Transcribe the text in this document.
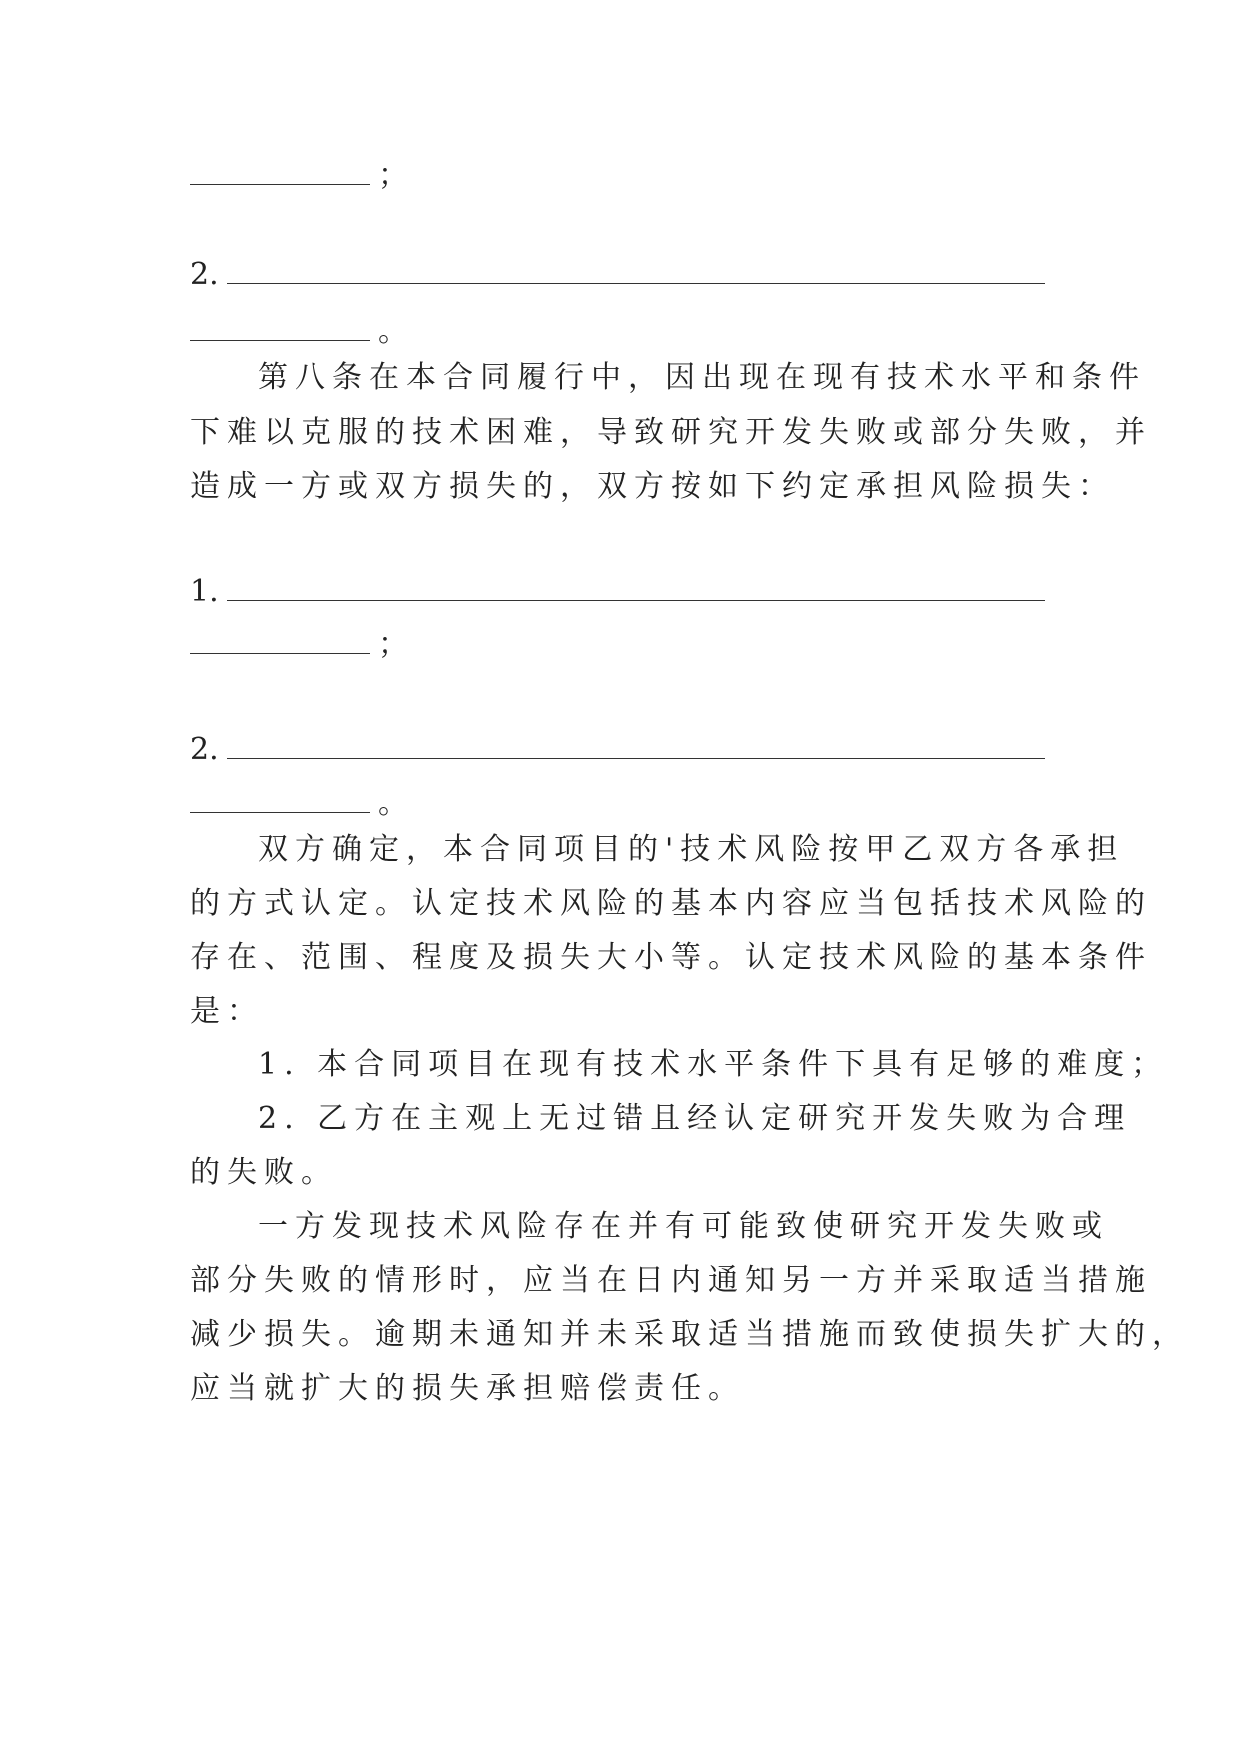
；
2.
。
第八条在本合同履行中，因出现在现有技术水平和条件
下难以克服的技术困难，导致研究开发失败或部分失败，并
造成一方或双方损失的，双方按如下约定承担风险损失：
1.
；
2.
。
双方确定，本合同项目的'技术风险按甲乙双方各承担
的方式认定。认定技术风险的基本内容应当包括技术风险的
存在、范围、程度及损失大小等。认定技术风险的基本条件
是：
1. 本合同项目在现有技术水平条件下具有足够的难度；
2. 乙方在主观上无过错且经认定研究开发失败为合理
的失败。
一方发现技术风险存在并有可能致使研究开发失败或
部分失败的情形时，应当在日内通知另一方并采取适当措施
减少损失。逾期未通知并未采取适当措施而致使损失扩大的，
应当就扩大的损失承担赔偿责任。
